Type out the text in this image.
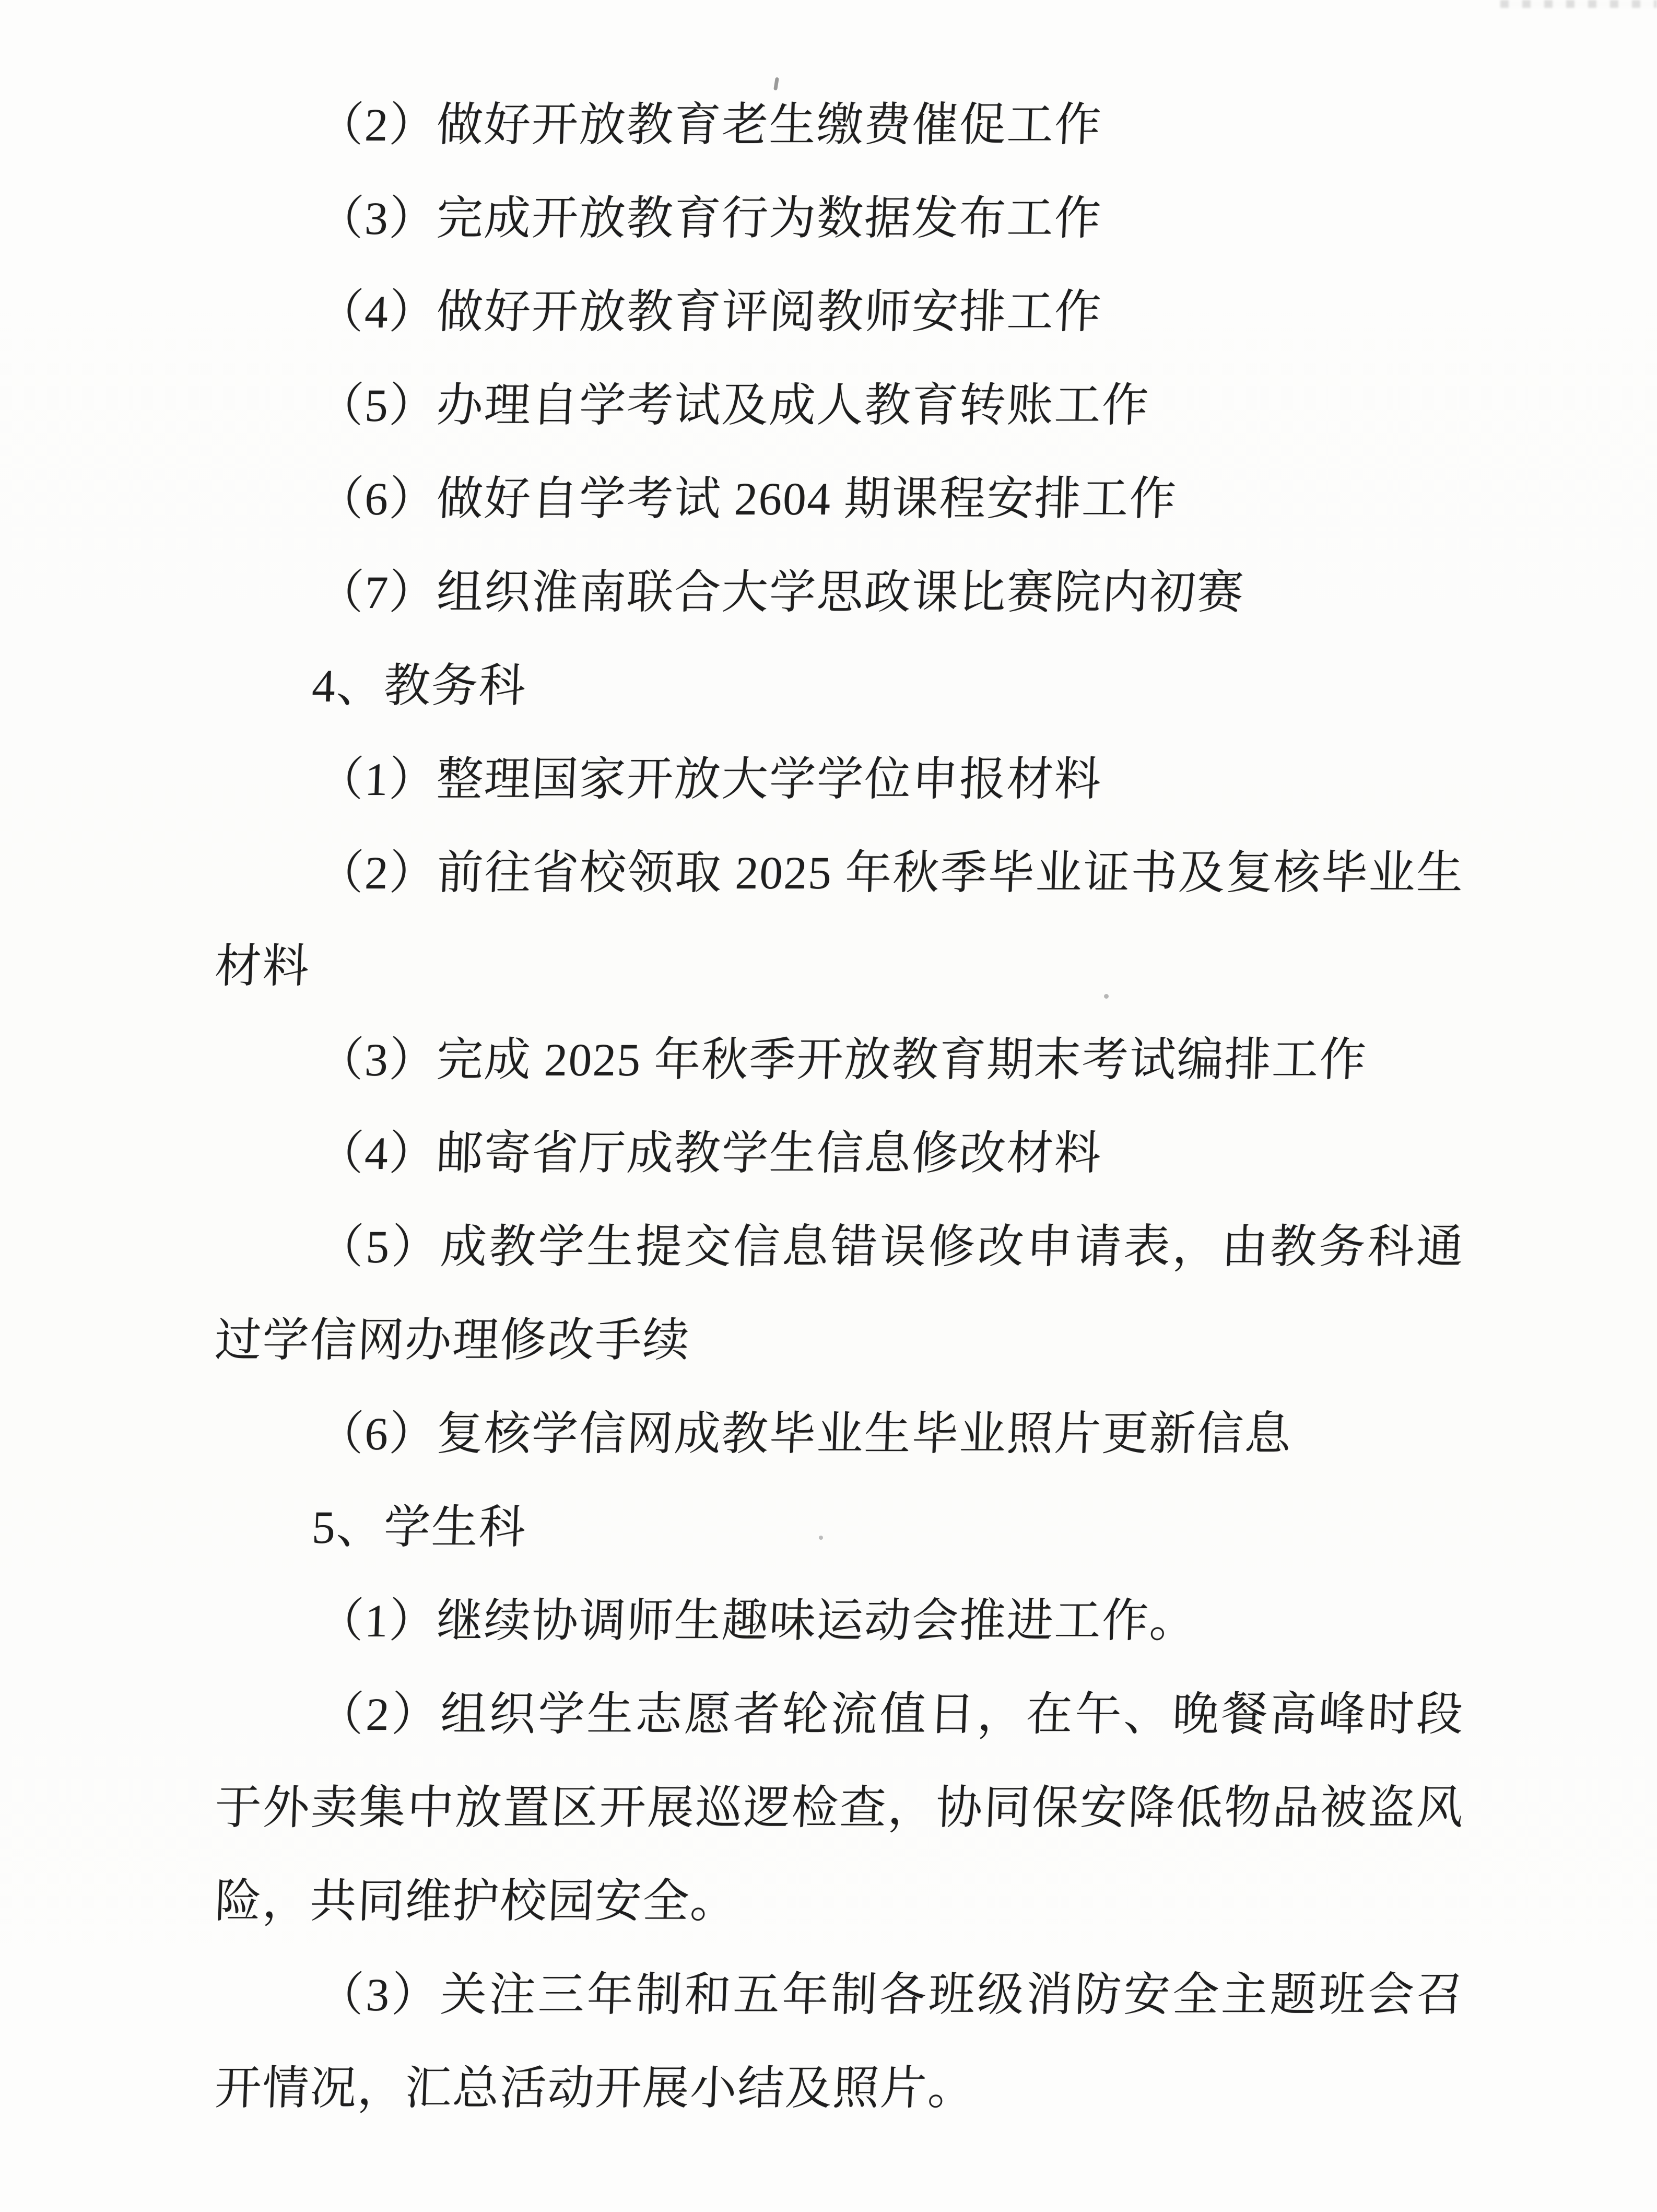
（2）做好开放教育老生缴费催促工作
（3）完成开放教育行为数据发布工作
（4）做好开放教育评阅教师安排工作
（5）办理自学考试及成人教育转账工作
（6）做好自学考试 2604 期课程安排工作
（7）组织淮南联合大学思政课比赛院内初赛
4、教务科
（1）整理国家开放大学学位申报材料
（2）前往省校领取 2025 年秋季毕业证书及复核毕业生
材料
（3）完成 2025 年秋季开放教育期末考试编排工作
（4）邮寄省厅成教学生信息修改材料
（5）成教学生提交信息错误修改申请表，由教务科通
过学信网办理修改手续
（6）复核学信网成教毕业生毕业照片更新信息
5、学生科
（1）继续协调师生趣味运动会推进工作。
（2）组织学生志愿者轮流值日，在午、晚餐高峰时段
于外卖集中放置区开展巡逻检查，协同保安降低物品被盗风
险，共同维护校园安全。
（3）关注三年制和五年制各班级消防安全主题班会召
开情况，汇总活动开展小结及照片。
